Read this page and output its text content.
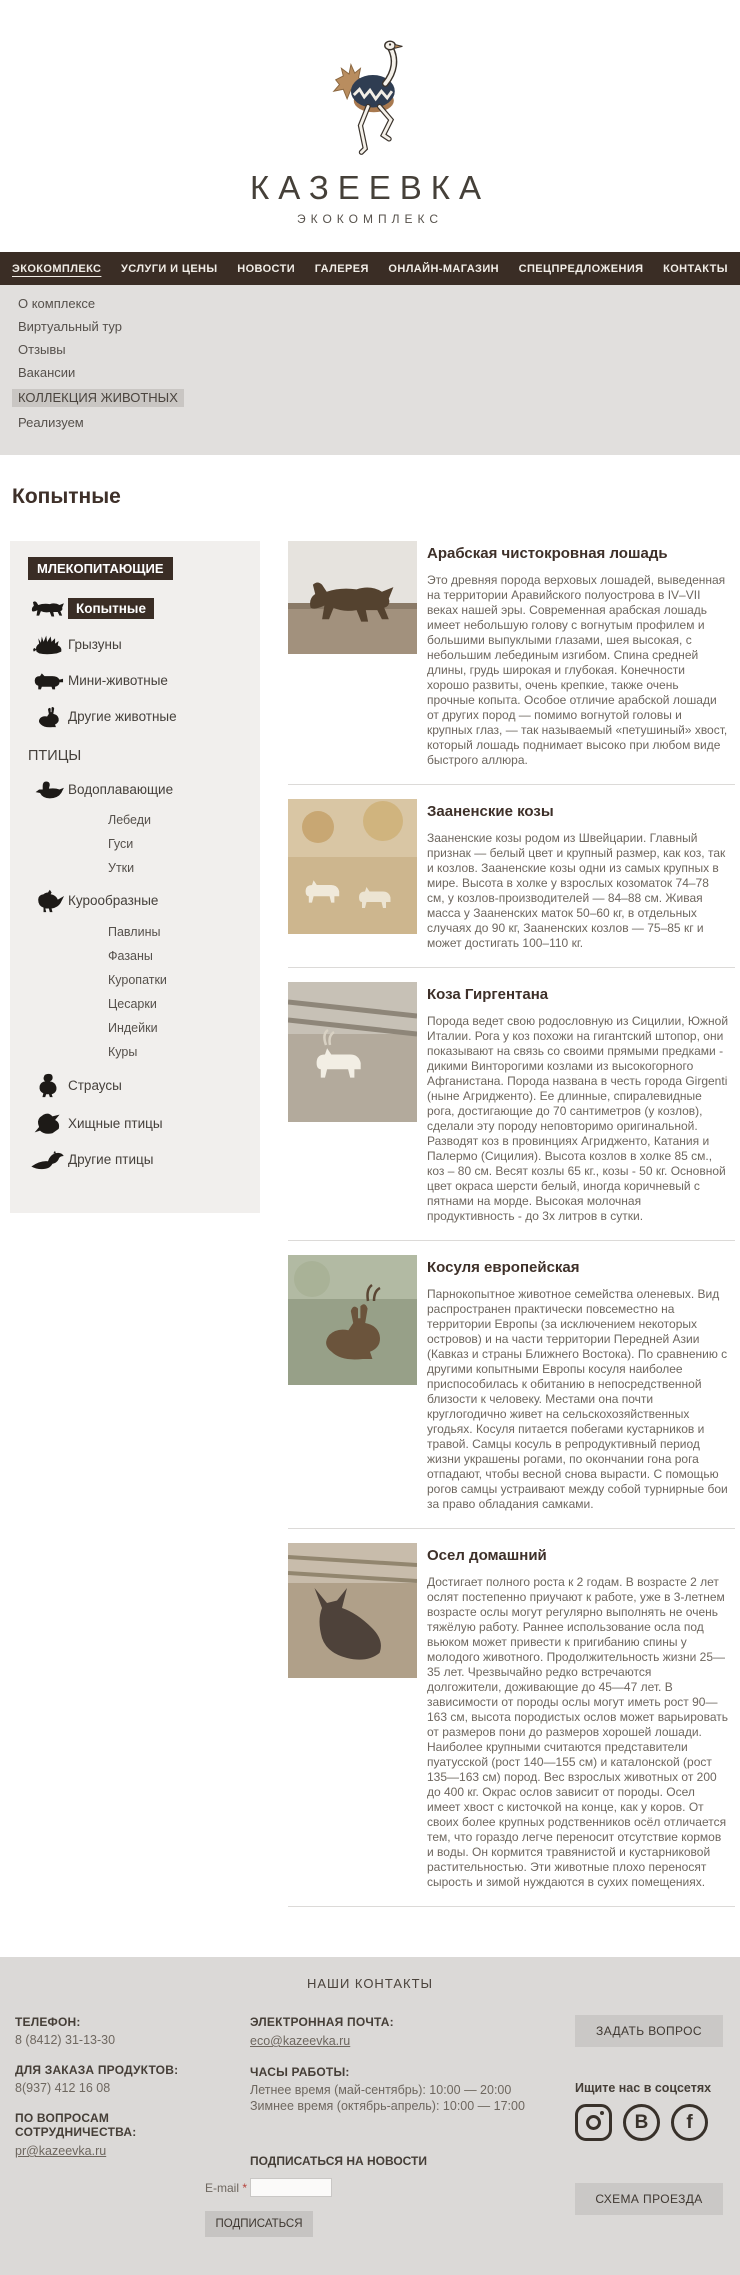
КАЗЕЕВКА
ЭКОКОМПЛЕКС
ЭКОКОМПЛЕКС УСЛУГИ И ЦЕНЫ НОВОСТИ ГАЛЕРЕЯ ОНЛАЙН-МАГАЗИН СПЕЦПРЕДЛОЖЕНИЯ КОНТАКТЫ
О комплексе
Виртуальный тур
Отзывы
Вакансии
КОЛЛЕКЦИЯ ЖИВОТНЫХ
Реализуем
Копытные
МЛЕКОПИТАЮЩИЕ
Копытные
Грызуны
Мини-животные
Другие животные
ПТИЦЫ
Водоплавающие
Лебеди
Гуси
Утки
Курообразные
Павлины
Фазаны
Куропатки
Цесарки
Индейки
Куры
Страусы
Хищные птицы
Другие птицы
Арабская чистокровная лошадь
Это древняя порода верховых лошадей, выведенная на территории Аравийского полуострова в IV–VII веках нашей эры. Современная арабская лошадь имеет небольшую голову с вогнутым профилем и большими выпуклыми глазами, шея высокая, с небольшим лебединым изгибом. Спина средней длины, грудь широкая и глубокая. Конечности хорошо развиты, очень крепкие, также очень прочные копыта. Особое отличие арабской лошади от других пород — помимо вогнутой головы и крупных глаз, — так называемый «петушиный» хвост, который лошадь поднимает высоко при любом виде быстрого аллюра.
Зааненские козы
Зааненские козы родом из Швейцарии. Главный признак — белый цвет и крупный размер, как коз, так и козлов. Зааненские козы одни из самых крупных в мире. Высота в холке у взрослых козоматок 74–78 см, у козлов-производителей — 84–88 см. Живая масса у Зааненских маток 50–60 кг, в отдельных случаях до 90 кг, Зааненских козлов — 75–85 кг и может достигать 100–110 кг.
Коза Гиргентана
Порода ведет свою родословную из Сицилии, Южной Италии. Рога у коз похожи на гигантский штопор, они показывают на связь со своими прямыми предками - дикими Винторогими козлами из высокогорного Афганистана. Порода названа в честь города Girgenti (ныне Агридженто). Ее длинные, спиралевидные рога, достигающие до 70 сантиметров (у козлов), сделали эту породу неповторимо оригинальной. Разводят коз в провинциях Агридженто, Катания и Палермо (Сицилия). Высота козлов в холке 85 см., коз – 80 см. Весят козлы 65 кг., козы - 50 кг. Основной цвет окраса шерсти белый, иногда коричневый с пятнами на морде. Высокая молочная продуктивность - до 3х литров в сутки.
Косуля европейская
Парнокопытное животное семейства оленевых. Вид распространен практически повсеместно на территории Европы (за исключением некоторых островов) и на части территории Передней Азии (Кавказ и страны Ближнего Востока). По сравнению с другими копытными Европы косуля наиболее приспособилась к обитанию в непосредственной близости к человеку. Местами она почти круглогодично живет на сельскохозяйственных угодьях. Косуля питается побегами кустарников и травой. Самцы косуль в репродуктивный период жизни украшены рогами, по окончании гона рога отпадают, чтобы весной снова вырасти. С помощью рогов самцы устраивают между собой турнирные бои за право обладания самками.
Осел домашний
Достигает полного роста к 2 годам. В возрасте 2 лет ослят постепенно приучают к работе, уже в 3-летнем возрасте ослы могут регулярно выполнять не очень тяжёлую работу. Раннее использование осла под вьюком может привести к пригибанию спины у молодого животного. Продолжительность жизни 25—35 лет. Чрезвычайно редко встречаются долгожители, доживающие до 45—47 лет. В зависимости от породы ослы могут иметь рост 90—163 см, высота породистых ослов может варьировать от размеров пони до размеров хорошей лошади. Наиболее крупными считаются представители пуатусской (рост 140—155 см) и каталонской (рост 135—163 см) пород. Вес взрослых животных от 200 до 400 кг. Окрас ослов зависит от породы. Осел имеет хвост с кисточкой на конце, как у коров. От своих более крупных родственников осёл отличается тем, что гораздо легче переносит отсутствие кормов и воды. Он кормится травянистой и кустарниковой растительностью. Эти животные плохо переносят сырость и зимой нуждаются в сухих помещениях.
НАШИ КОНТАКТЫ
ТЕЛЕФОН:
8 (8412) 31-13-30
ДЛЯ ЗАКАЗА ПРОДУКТОВ:
8(937) 412 16 08
ПО ВОПРОСАМ СОТРУДНИЧЕСТВА:
pr@kazeevka.ru
ЭЛЕКТРОННАЯ ПОЧТА:
eco@kazeevka.ru
ЧАСЫ РАБОТЫ:
Летнее время (май-сентябрь): 10:00 — 20:00
Зимнее время (октябрь-апрель): 10:00 — 17:00
ПОДПИСАТЬСЯ НА НОВОСТИ
E-mail *
ПОДПИСАТЬСЯ
ЗАДАТЬ ВОПРОС
Ищите нас в соцсетях
В	f
СХЕМА ПРОЕЗДА
